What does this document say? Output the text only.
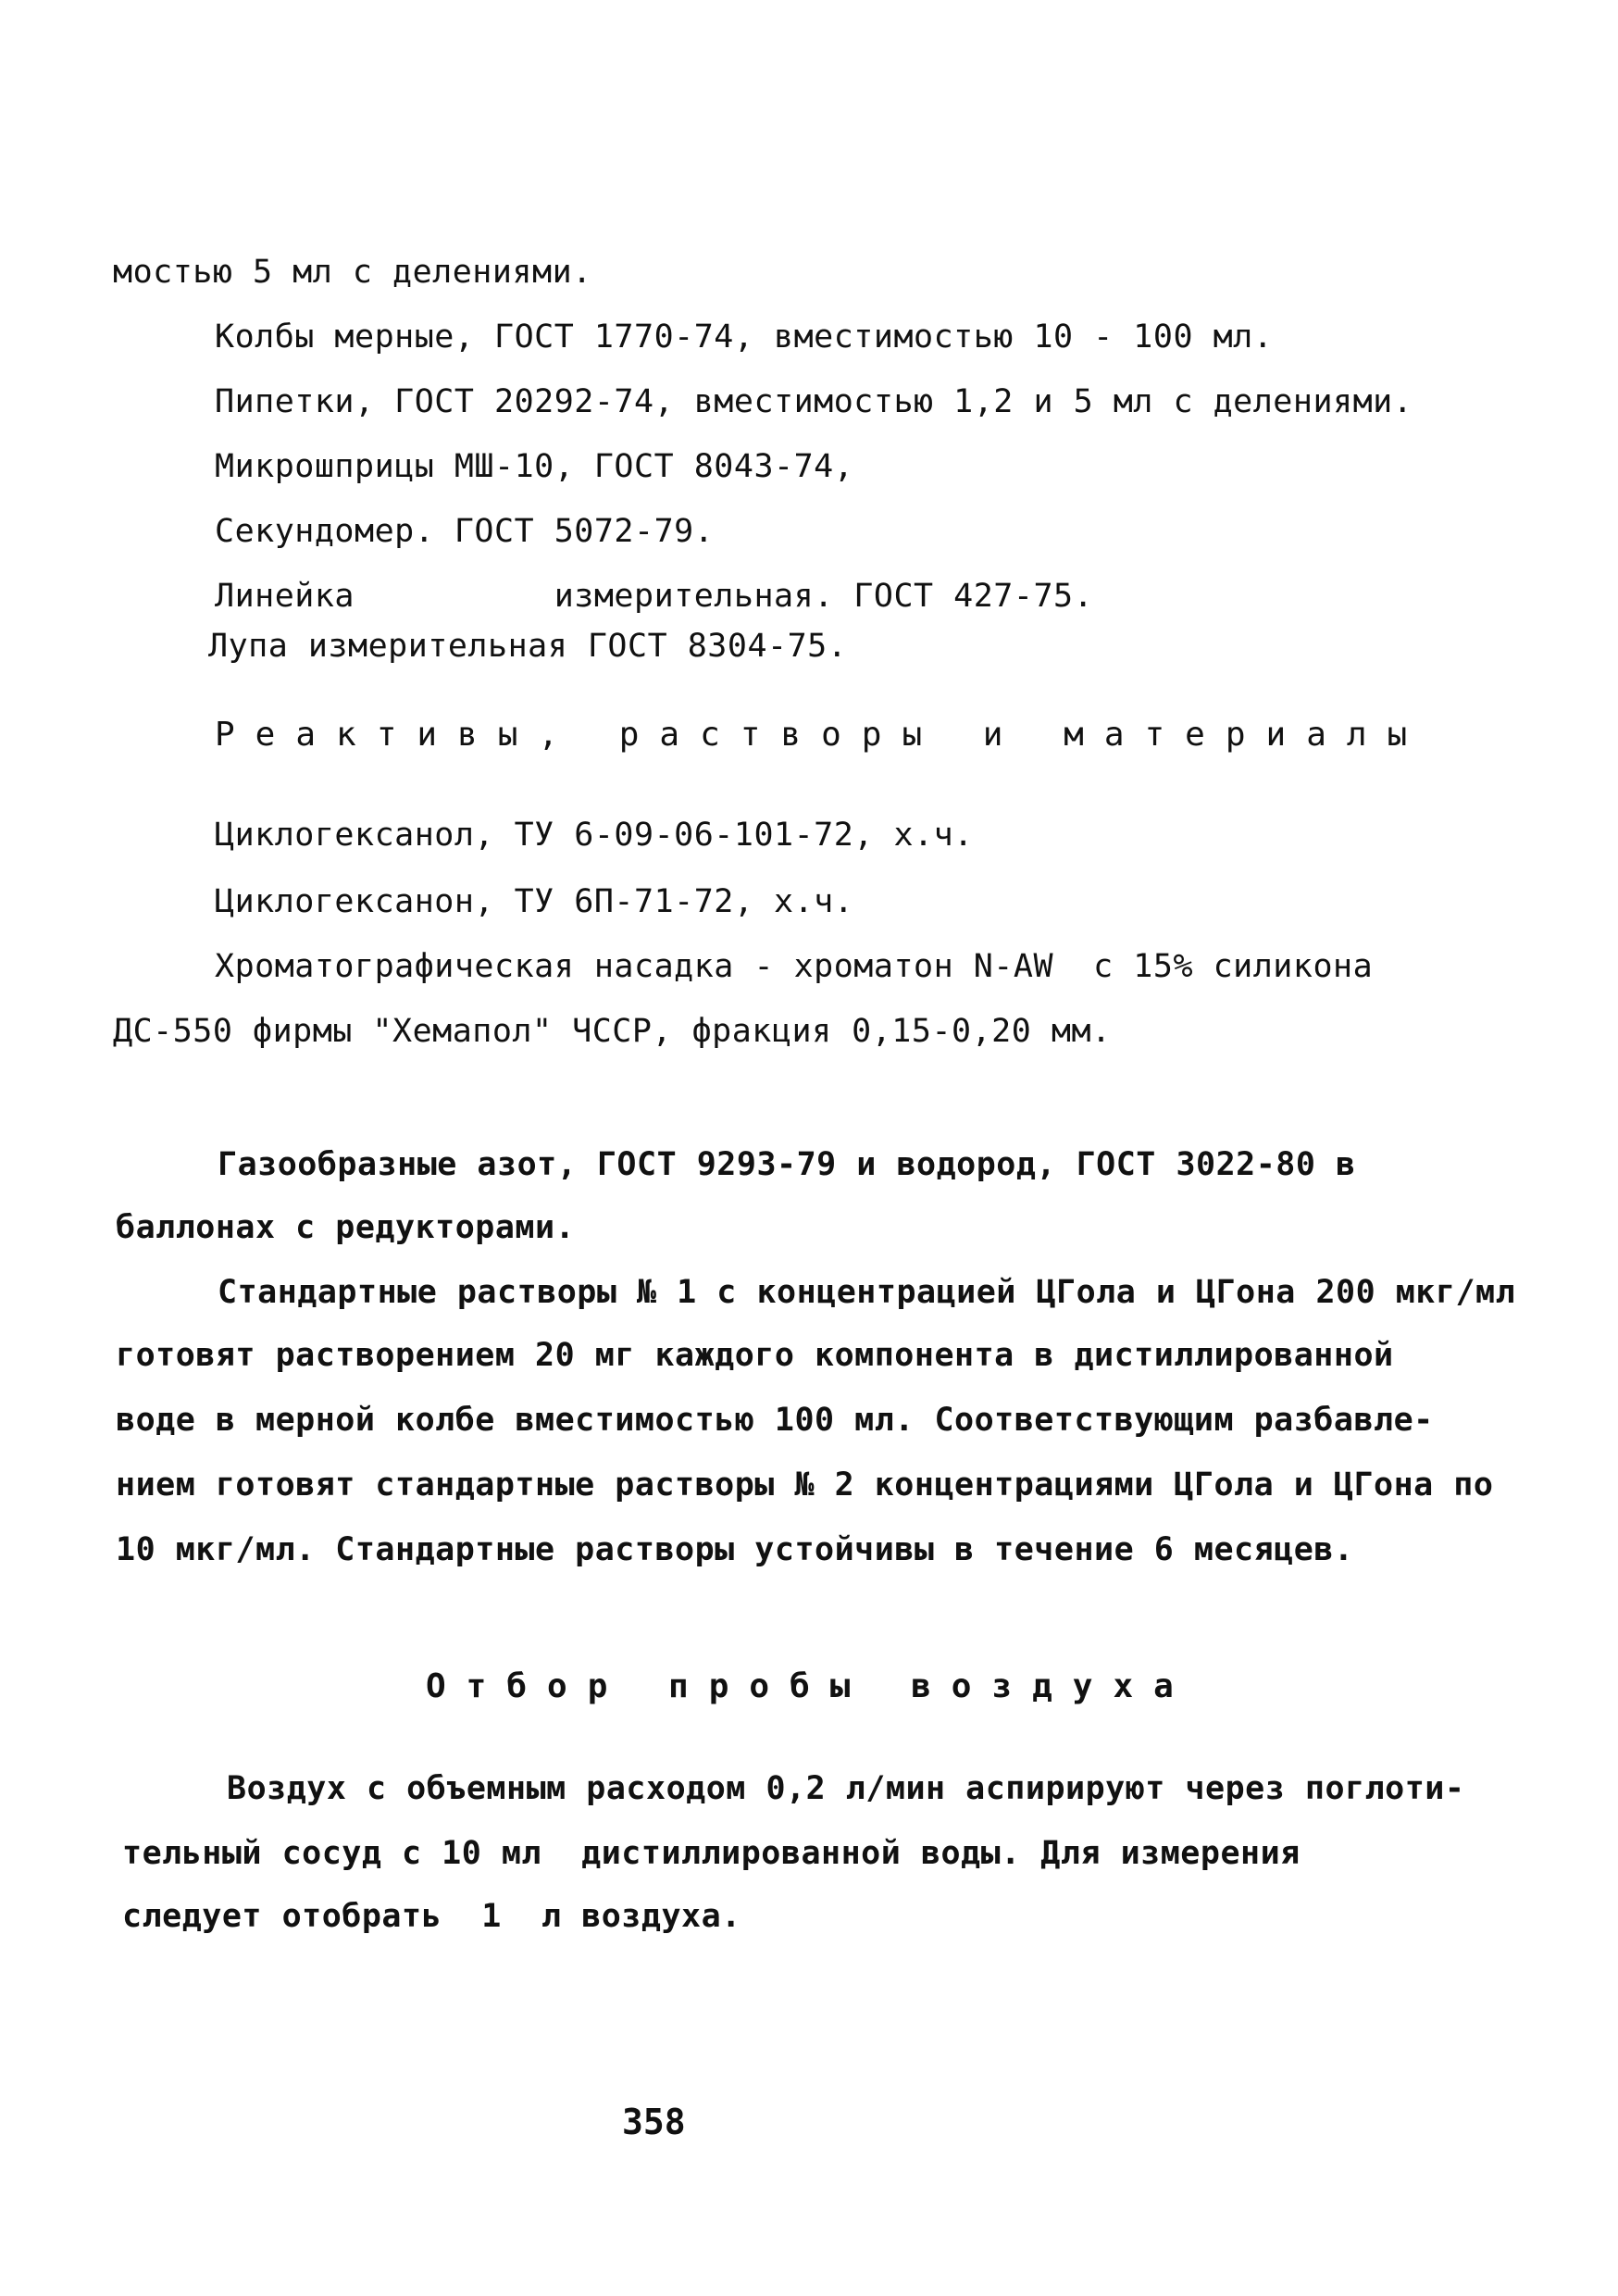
мостью 5 мл с делениями.
Колбы мерные, ГОСТ 1770-74, вместимостью 10 - 100 мл.
Пипетки, ГОСТ 20292-74, вместимостью 1,2 и 5 мл с делениями.
Микрошприцы МШ-10, ГОСТ 8043-74,
Секундомер. ГОСТ 5072-79.
Линейка          измерительная. ГОСТ 427-75.
Лупа измерительная ГОСТ 8304-75.
Реактивы, растворы и материалы
Циклогексанол, ТУ 6-09-06-101-72, х.ч.
Циклогексанон, ТУ 6П-71-72, х.ч.
Хроматографическая насадка - хроматон N-AW  с 15% силикона
ДС-550 фирмы "Хемапол" ЧССР, фракция 0,15-0,20 мм.
Газообразные азот, ГОСТ 9293-79 и водород, ГОСТ 3022-80 в
баллонах с редукторами.
Стандартные растворы № 1 с концентрацией ЦГола и ЦГона 200 мкг/мл
готовят растворением 20 мг каждого компонента в дистиллированной
воде в мерной колбе вместимостью 100 мл. Соответствующим разбавле-
нием готовят стандартные растворы № 2 концентрациями ЦГола и ЦГона по
10 мкг/мл. Стандартные растворы устойчивы в течение 6 месяцев.
Отбор пробы воздуха
Воздух с объемным расходом 0,2 л/мин аспирируют через поглоти-
тельный сосуд с 10 мл  дистиллированной воды. Для измерения
следует отобрать  1  л воздуха.
358
